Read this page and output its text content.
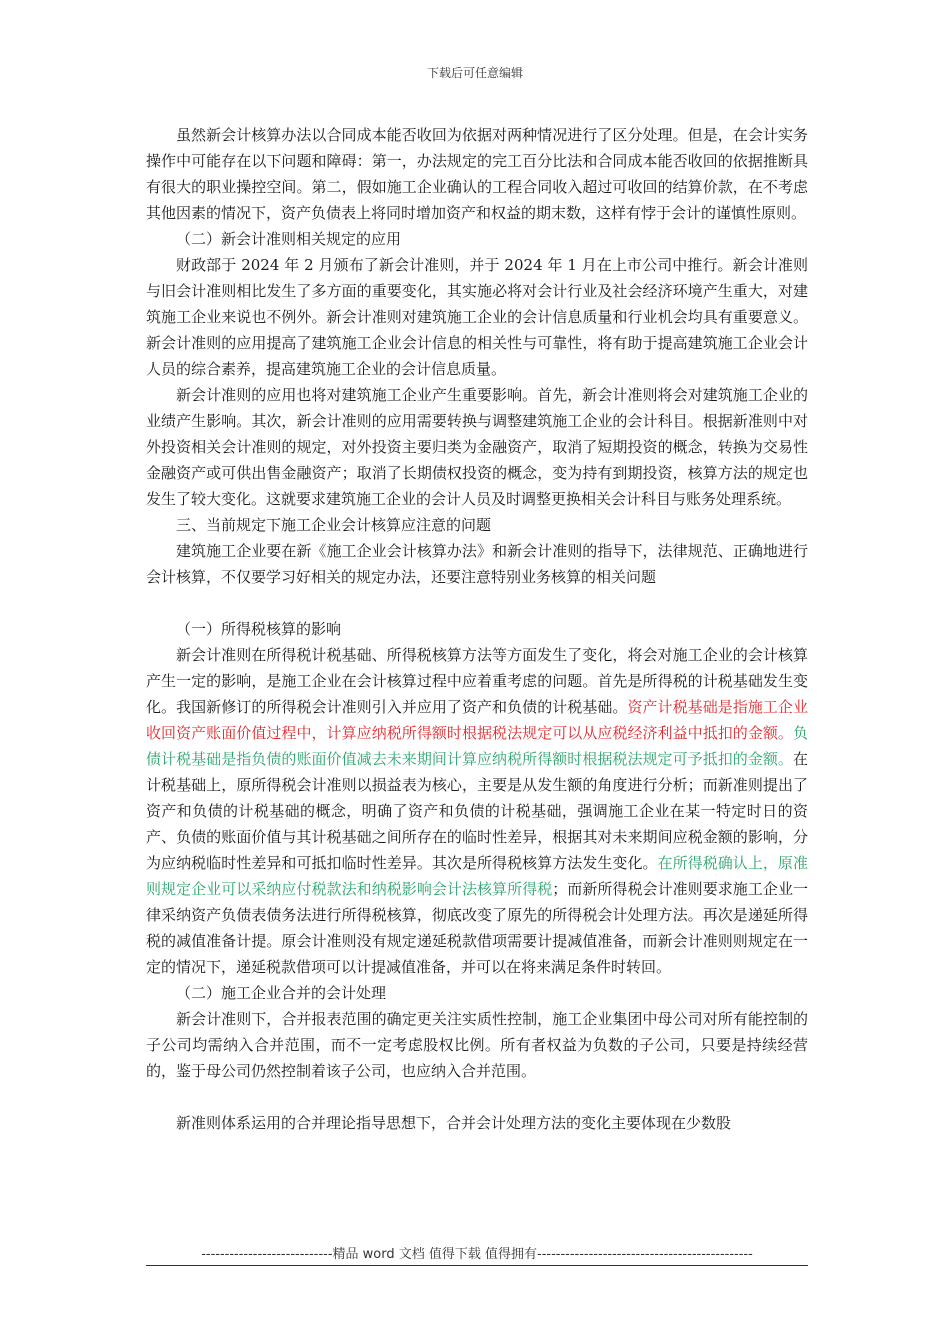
下载后可任意编辑

虽然新会计核算办法以合同成本能否收回为依据对两种情况进行了区分处理。但是，在会计实务操作中可能存在以下问题和障碍：第一，办法规定的完工百分比法和合同成本能否收回的依据推断具有很大的职业操控空间。第二，假如施工企业确认的工程合同收入超过可收回的结算价款，在不考虑其他因素的情况下，资产负债表上将同时增加资产和权益的期末数，这样有悖于会计的谨慎性原则。

（二）新会计准则相关规定的应用

财政部于 2024 年 2 月颁布了新会计准则，并于 2024 年 1 月在上市公司中推行。新会计准则与旧会计准则相比发生了多方面的重要变化，其实施必将对会计行业及社会经济环境产生重大，对建筑施工企业来说也不例外。新会计准则对建筑施工企业的会计信息质量和行业机会均具有重要意义。新会计准则的应用提高了建筑施工企业会计信息的相关性与可靠性，将有助于提高建筑施工企业会计人员的综合素养，提高建筑施工企业的会计信息质量。

新会计准则的应用也将对建筑施工企业产生重要影响。首先，新会计准则将会对建筑施工企业的业绩产生影响。其次，新会计准则的应用需要转换与调整建筑施工企业的会计科目。根据新准则中对外投资相关会计准则的规定，对外投资主要归类为金融资产，取消了短期投资的概念，转换为交易性金融资产或可供出售金融资产；取消了长期债权投资的概念，变为持有到期投资，核算方法的规定也发生了较大变化。这就要求建筑施工企业的会计人员及时调整更换相关会计科目与账务处理系统。

三、当前规定下施工企业会计核算应注意的问题

建筑施工企业要在新《施工企业会计核算办法》和新会计准则的指导下，法律规范、正确地进行会计核算，不仅要学习好相关的规定办法，还要注意特别业务核算的相关问题

（一）所得税核算的影响

新会计准则在所得税计税基础、所得税核算方法等方面发生了变化，将会对施工企业的会计核算产生一定的影响，是施工企业在会计核算过程中应着重考虑的问题。首先是所得税的计税基础发生变化。我国新修订的所得税会计准则引入并应用了资产和负债的计税基础。资产计税基础是指施工企业收回资产账面价值过程中，计算应纳税所得额时根据税法规定可以从应税经济利益中抵扣的金额。负债计税基础是指负债的账面价值减去未来期间计算应纳税所得额时根据税法规定可予抵扣的金额。在计税基础上，原所得税会计准则以损益表为核心，主要是从发生额的角度进行分析；而新准则提出了资产和负债的计税基础的概念，明确了资产和负债的计税基础，强调施工企业在某一特定时日的资产、负债的账面价值与其计税基础之间所存在的临时性差异，根据其对未来期间应税金额的影响，分为应纳税临时性差异和可抵扣临时性差异。其次是所得税核算方法发生变化。在所得税确认上，原准则规定企业可以采纳应付税款法和纳税影响会计法核算所得税；而新所得税会计准则要求施工企业一律采纳资产负债表债务法进行所得税核算，彻底改变了原先的所得税会计处理方法。再次是递延所得税的减值准备计提。原会计准则没有规定递延税款借项需要计提减值准备，而新会计准则则规定在一定的情况下，递延税款借项可以计提减值准备，并可以在将来满足条件时转回。

（二）施工企业合并的会计处理

新会计准则下，合并报表范围的确定更关注实质性控制，施工企业集团中母公司对所有能控制的子公司均需纳入合并范围，而不一定考虑股权比例。所有者权益为负数的子公司，只要是持续经营的，鉴于母公司仍然控制着该子公司，也应纳入合并范围。

新准则体系运用的合并理论指导思想下，合并会计处理方法的变化主要体现在少数股

----------------------------精品 word 文档 值得下载 值得拥有----------------------------------------------
